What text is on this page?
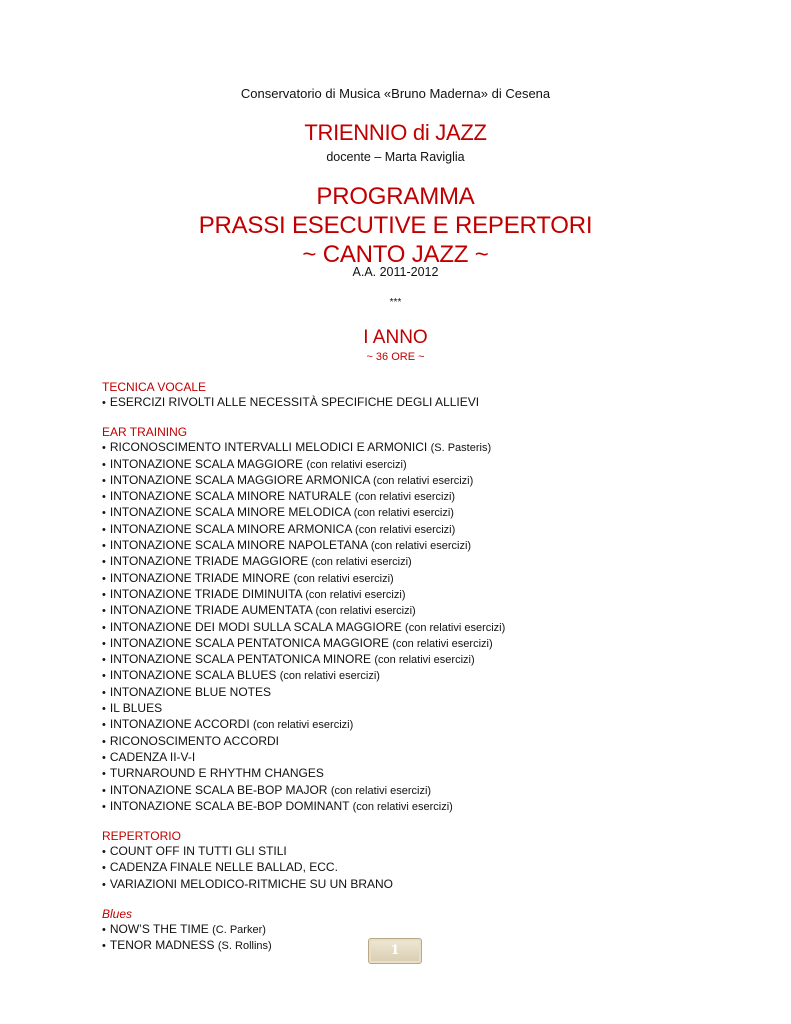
Conservatorio di Musica «Bruno Maderna» di Cesena
TRIENNIO di JAZZ
docente – Marta Raviglia
PROGRAMMA
PRASSI ESECUTIVE E REPERTORI
~ CANTO JAZZ ~
A.A. 2011-2012
***
I ANNO
~ 36 ORE ~

TECNICA VOCALE

• ESERCIZI RIVOLTI ALLE NECESSITÀ SPECIFICHE DEGLI ALLIEVI

EAR TRAINING

• RICONOSCIMENTO INTERVALLI MELODICI E ARMONICI (S. Pasteris)
• INTONAZIONE SCALA MAGGIORE (con relativi esercizi)
• INTONAZIONE SCALA MAGGIORE ARMONICA (con relativi esercizi)
• INTONAZIONE SCALA MINORE NATURALE (con relativi esercizi)
• INTONAZIONE SCALA MINORE MELODICA (con relativi esercizi)
• INTONAZIONE SCALA MINORE ARMONICA (con relativi esercizi)
• INTONAZIONE SCALA MINORE NAPOLETANA (con relativi esercizi)
• INTONAZIONE TRIADE MAGGIORE (con relativi esercizi)
• INTONAZIONE TRIADE MINORE (con relativi esercizi)
• INTONAZIONE TRIADE DIMINUITA (con relativi esercizi)
• INTONAZIONE TRIADE AUMENTATA (con relativi esercizi)
• INTONAZIONE DEI MODI SULLA SCALA MAGGIORE (con relativi esercizi)
• INTONAZIONE SCALA PENTATONICA MAGGIORE (con relativi esercizi)
• INTONAZIONE SCALA PENTATONICA MINORE (con relativi esercizi)
• INTONAZIONE SCALA BLUES (con relativi esercizi)
• INTONAZIONE BLUE NOTES
• IL BLUES
• INTONAZIONE ACCORDI (con relativi esercizi)
• RICONOSCIMENTO ACCORDI
• CADENZA II-V-I
• TURNAROUND E RHYTHM CHANGES
• INTONAZIONE SCALA BE-BOP MAJOR (con relativi esercizi)
• INTONAZIONE SCALA BE-BOP DOMINANT (con relativi esercizi)

REPERTORIO

• COUNT OFF IN TUTTI GLI STILI
• CADENZA FINALE NELLE BALLAD, ECC.
• VARIAZIONI MELODICO-RITMICHE SU UN BRANO

Blues

• NOW’S THE TIME (C. Parker)
• TENOR MADNESS (S. Rollins)	1
